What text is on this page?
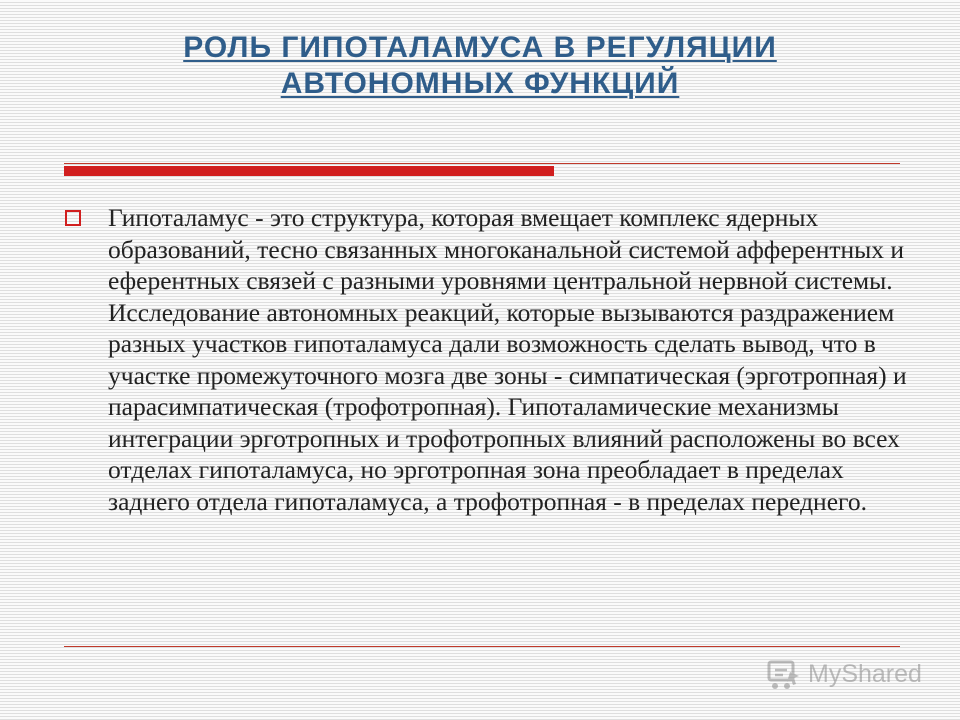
РОЛЬ ГИПОТАЛАМУСА В РЕГУЛЯЦИИ
АВТОНОМНЫХ ФУНКЦИЙ

Гипоталамус - это структура, которая вмещает комплекс ядерных образований, тесно связанных многоканальной системой афферентных и еферентных связей с разными уровнями центральной нервной системы. Исследование автономных реакций, которые вызываются раздражением разных участков гипоталамуса дали возможность сделать вывод, что в участке промежуточного мозга две зоны - симпатическая (эрготропная) и парасимпатическая (трофотропная). Гипоталамические механизмы интеграции эрготропных и трофотропных влияний расположены во всех отделах гипоталамуса, но эрготропная зона преобладает в пределах заднего отдела гипоталамуса, а трофотропная - в пределах переднего.

MyShared
